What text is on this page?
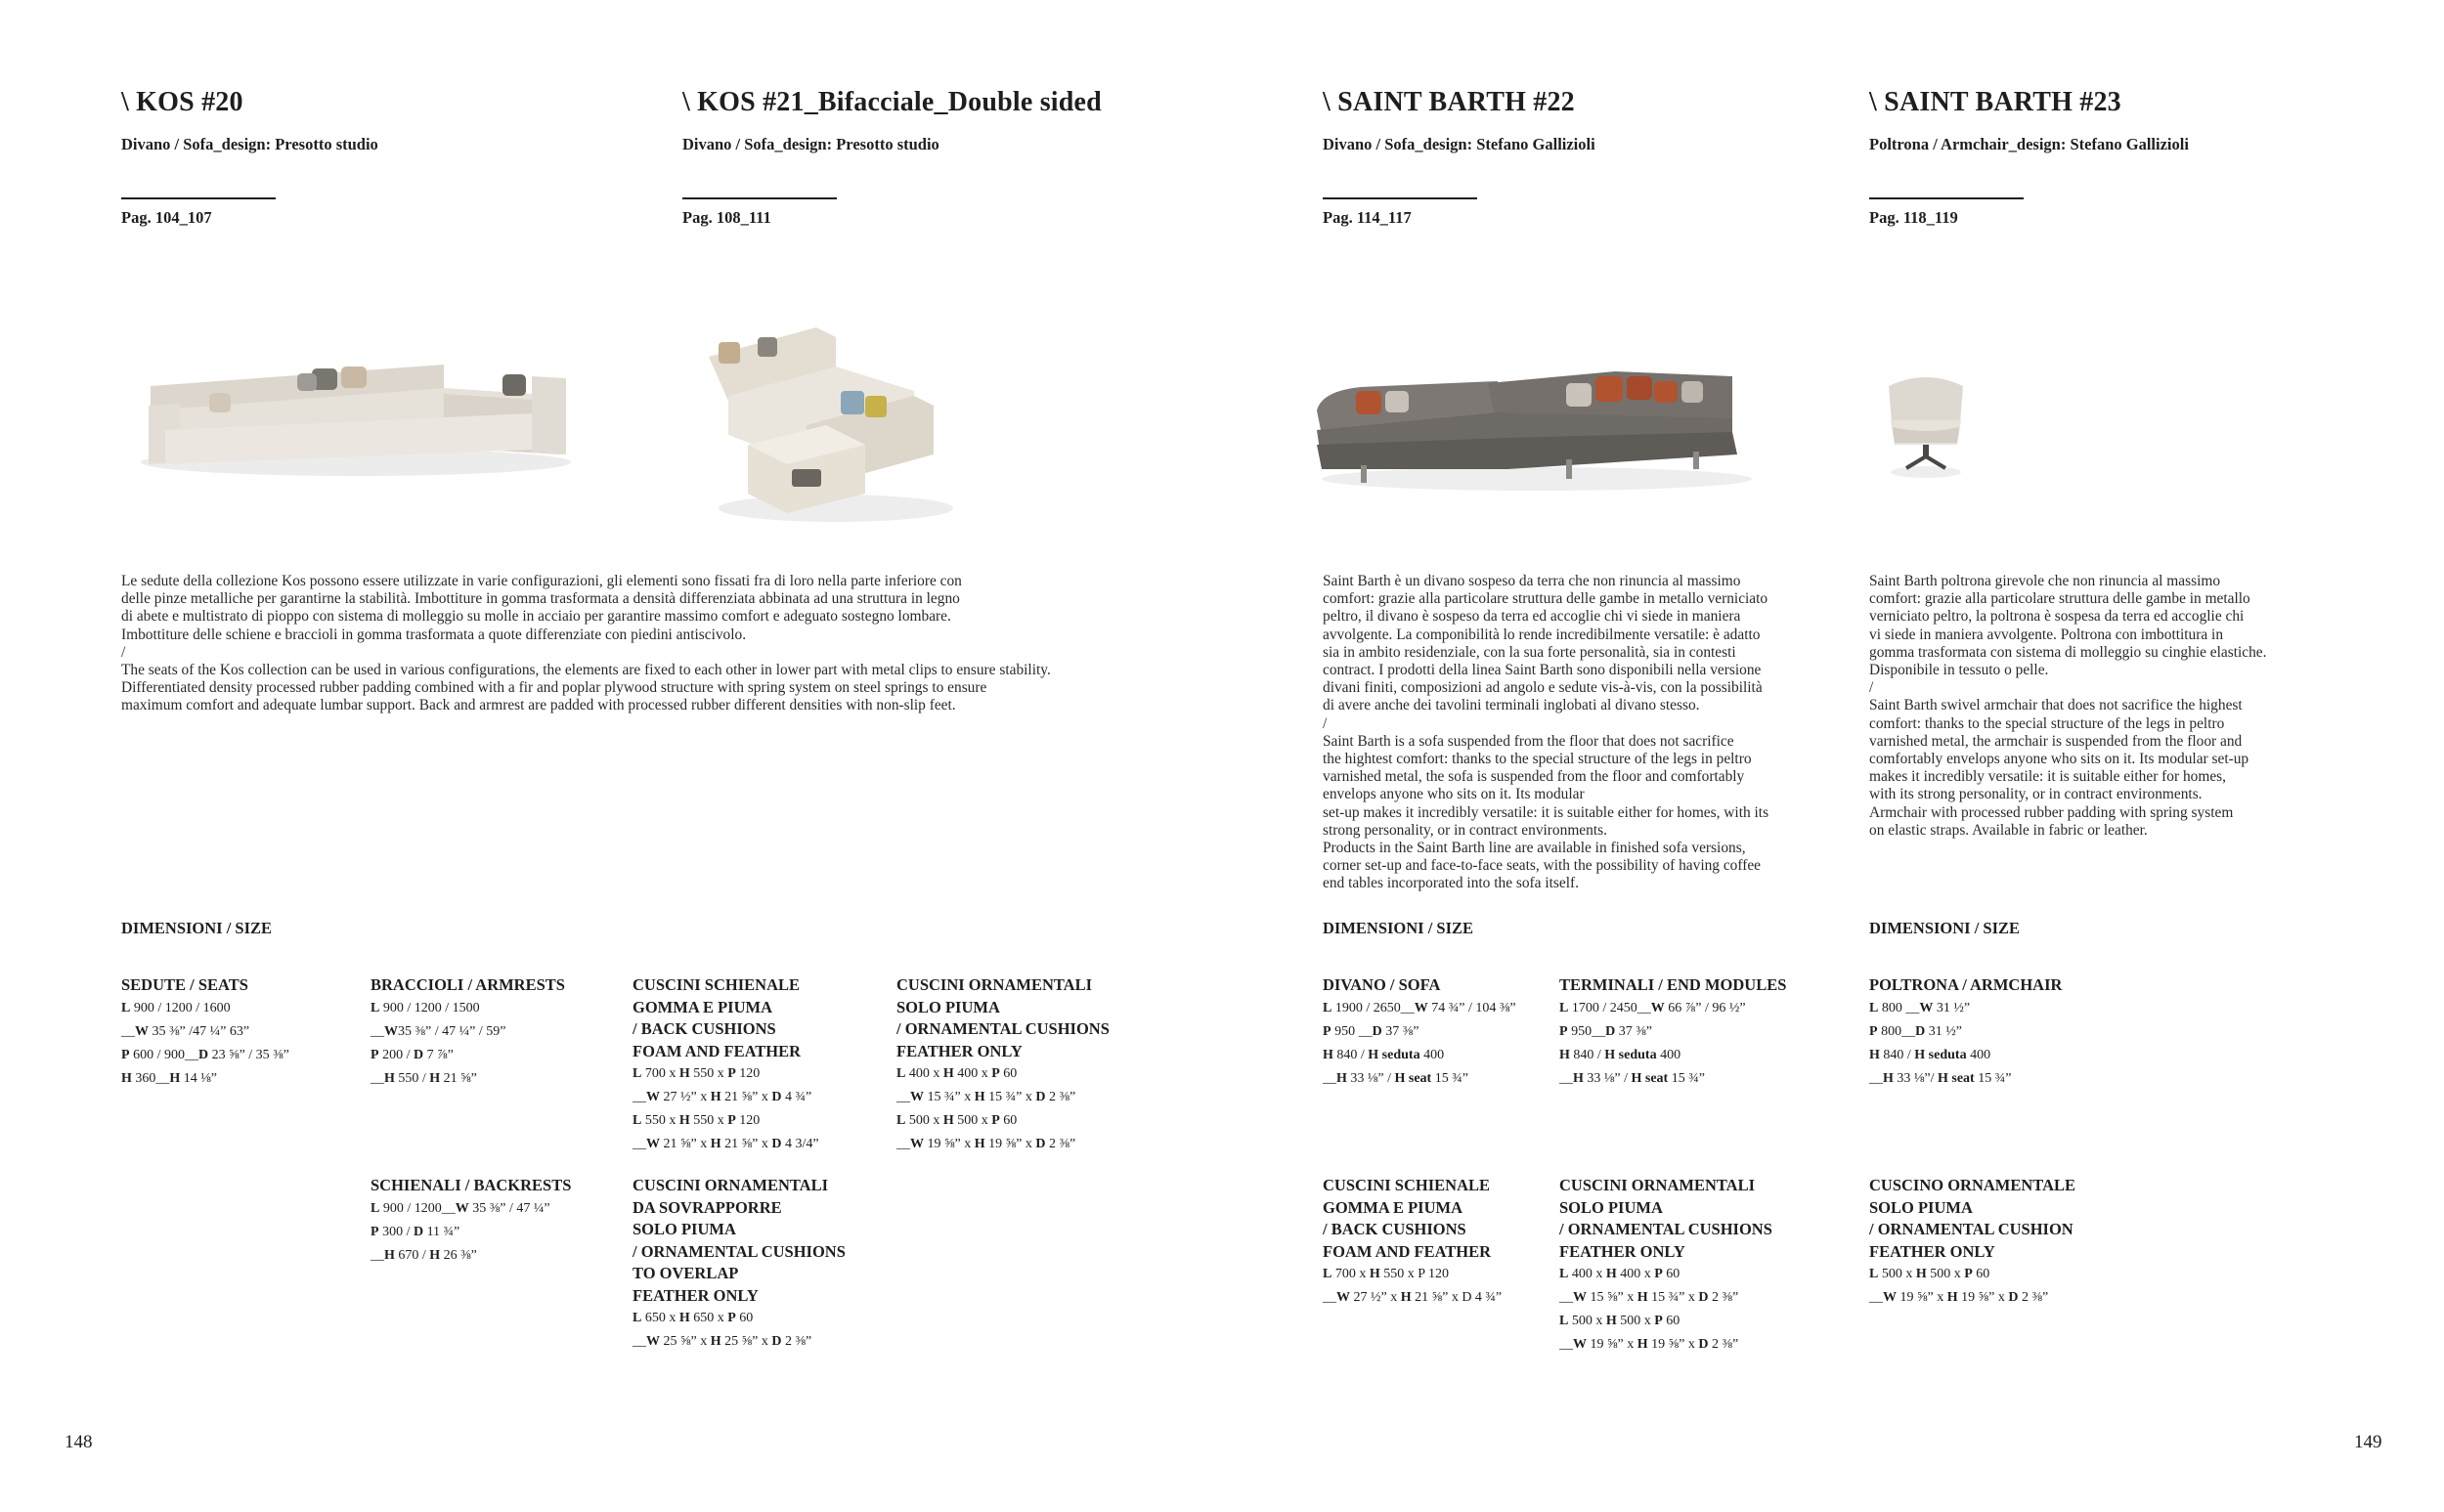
\ KOS #20
Divano / Sofa_design: Presotto studio
Pag. 104_107
\ KOS #21_Bifacciale_Double sided
Divano / Sofa_design: Presotto studio
Pag. 108_111
\ SAINT BARTH #22
Divano / Sofa_design: Stefano Gallizioli
Pag. 114_117
\ SAINT BARTH #23
Poltrona / Armchair_design: Stefano Gallizioli
Pag. 118_119
Le sedute della collezione Kos possono essere utilizzate in varie configurazioni, gli elementi sono fissati fra di loro nella parte inferiore con
delle pinze metalliche per garantirne la stabilità. Imbottiture in gomma trasformata a densità differenziata abbinata ad una struttura in legno
di abete e multistrato di pioppo con sistema di molleggio su molle in acciaio per garantire massimo comfort e adeguato sostegno lombare.
Imbottiture delle schiene e braccioli in gomma trasformata a quote differenziate con piedini antiscivolo.
/
The seats of the Kos collection can be used in various configurations, the elements are fixed to each other in lower part with metal clips to ensure stability.
Differentiated density processed rubber padding combined with a fir and poplar plywood structure with spring system on steel springs to ensure
maximum comfort and adequate lumbar support. Back and armrest are padded with processed rubber different densities with non-slip feet.
Saint Barth è un divano sospeso da terra che non rinuncia al massimo
comfort: grazie alla particolare struttura delle gambe in metallo verniciato
peltro, il divano è sospeso da terra ed accoglie chi vi siede in maniera
avvolgente. La componibilità lo rende incredibilmente versatile: è adatto
sia in ambito residenziale, con la sua forte personalità, sia in contesti
contract. I prodotti della linea Saint Barth sono disponibili nella versione
divani finiti, composizioni ad angolo e sedute vis-à-vis, con la possibilità
di avere anche dei tavolini terminali inglobati al divano stesso.
/
Saint Barth is a sofa suspended from the floor that does not sacrifice
the hightest comfort: thanks to the special structure of the legs in peltro
varnished metal, the sofa is suspended from the floor and comfortably
envelops anyone who sits on it. Its modular
set-up makes it incredibly versatile: it is suitable either for homes, with its
strong personality, or in contract environments.
Products in the Saint Barth line are available in finished sofa versions,
corner set-up and face-to-face seats, with the possibility of having coffee
end tables incorporated into the sofa itself.
Saint Barth poltrona girevole che non rinuncia al massimo
comfort: grazie alla particolare struttura delle gambe in metallo
verniciato peltro, la poltrona è sospesa da terra ed accoglie chi
vi siede in maniera avvolgente. Poltrona con imbottitura in
gomma trasformata con sistema di molleggio su cinghie elastiche.
Disponibile in tessuto o pelle.
/
Saint Barth swivel armchair that does not sacrifice the highest
comfort: thanks to the special structure of the legs in peltro
varnished metal, the armchair is suspended from the floor and
comfortably envelops anyone who sits on it. Its modular set-up
makes it incredibly versatile: it is suitable either for homes,
with its strong personality, or in contract environments.
Armchair with processed rubber padding with spring system
on elastic straps. Available in fabric or leather.
DIMENSIONI / SIZE	DIMENSIONI / SIZE	DIMENSIONI / SIZE
SEDUTE / SEATS
L 900 / 1200 / 1600
__W 35 ⅜” /47 ¼” 63”
P 600 / 900__D 23 ⅝” / 35 ⅜”
H 360__H 14 ⅛”
BRACCIOLI / ARMRESTS
L 900 / 1200 / 1500
__W35 ⅜” / 47 ¼” / 59”
P 200 / D 7 ⅞”
__H 550 / H 21 ⅝”
CUSCINI SCHIENALE
GOMMA E PIUMA
/ BACK CUSHIONS
FOAM AND FEATHER
L 700 x H 550 x P 120
__W 27 ½” x H 21 ⅝” x D 4 ¾”
L 550 x H 550 x P 120
__W 21 ⅝” x H 21 ⅝” x D 4 3/4”
CUSCINI ORNAMENTALI
SOLO PIUMA
/ ORNAMENTAL CUSHIONS
FEATHER ONLY
L 400 x H 400 x P 60
__W 15 ¾” x H 15 ¾” x D 2 ⅜”
L 500 x H 500 x P 60
__W 19 ⅝” x H 19 ⅝” x D 2 ⅜”
SCHIENALI / BACKRESTS
L 900 / 1200__W 35 ⅜” / 47 ¼”
P 300 / D 11 ¾”
__H 670 / H 26 ⅜”
CUSCINI ORNAMENTALI
DA SOVRAPPORRE
SOLO PIUMA
/ ORNAMENTAL CUSHIONS
TO OVERLAP
FEATHER ONLY
L 650 x H 650 x P 60
__W 25 ⅝” x H 25 ⅝” x D 2 ⅜”
DIVANO / SOFA
L 1900 / 2650__W 74 ¾” / 104 ⅜”
P 950 __D 37 ⅜”
H 840 / H seduta 400
__H 33 ⅛” / H seat 15 ¾”
TERMINALI / END MODULES
L 1700 / 2450__W 66 ⅞” / 96 ½”
P 950__D 37 ⅜”
H 840 / H seduta 400
__H 33 ⅛” / H seat 15 ¾”
CUSCINI SCHIENALE
GOMMA E PIUMA
/ BACK CUSHIONS
FOAM AND FEATHER
L 700 x H 550 x P 120
__W 27 ½” x H 21 ⅝” x D 4 ¾”
CUSCINI ORNAMENTALI
SOLO PIUMA
/ ORNAMENTAL CUSHIONS
FEATHER ONLY
L 400 x H 400 x P 60
__W 15 ⅝” x H 15 ¾” x D 2 ⅜”
L 500 x H 500 x P 60
__W 19 ⅝” x H 19 ⅝” x D 2 ⅜”
POLTRONA / ARMCHAIR
L 800 __W 31 ½”
P 800__D 31 ½”
H 840 / H seduta 400
__H 33 ⅛”/ H seat 15 ¾”
CUSCINO ORNAMENTALE
SOLO PIUMA
/ ORNAMENTAL CUSHION
FEATHER ONLY
L 500 x H 500 x P 60
__W 19 ⅝” x H 19 ⅝” x D 2 ⅜”
148	149
